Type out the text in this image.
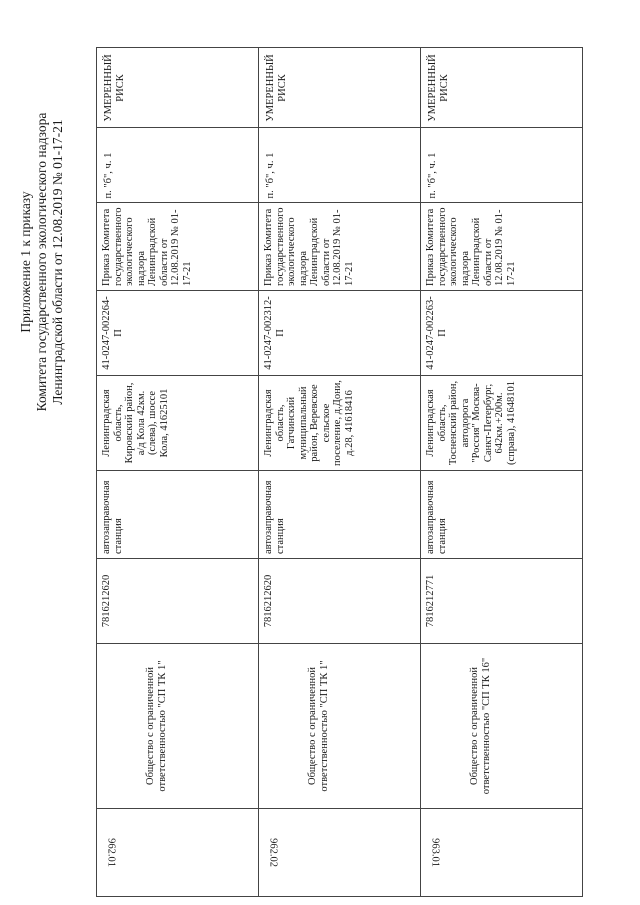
Приложение 1 к приказу Комитета государственного экологического надзора Ленинградской области от 12.08.2019 № 01-17-21
962.01	Общество с ограниченной ответственностью "СП ТК 1"	7816212620	автозаправочная станция	Ленинградская область, Кировский район, а/д Кола 42км.(слева), шоссе Кола, 41625101	41-0247-002264-П	Приказ Комитета государственного экологического надзора Ленинградской области от 12.08.2019 № 01-17-21	п. "б", ч. 1	УМЕРЕННЫЙ РИСК
962.02	Общество с ограниченной ответственностью "СП ТК 1"	7816212620	автозаправочная станция	Ленинградская область, Гатчинский муниципальный район, Веревское сельское поселение, д.Дони, д.28, 41618416	41-0247-002312-П	Приказ Комитета государственного экологического надзора Ленинградской области от 12.08.2019 № 01-17-21	п. "б", ч. 1	УМЕРЕННЫЙ РИСК
963.01	Общество с ограниченной ответственностью "СП ТК 16"	7816212771	автозаправочная станция	Ленинградская область, Тосненский район, автодорога "Россия" Москва-Санкт-Петербург, 642км.+200м. (справа), 41648101	41-0247-002263-П	Приказ Комитета государственного экологического надзора Ленинградской области от 12.08.2019 № 01-17-21	п. "б", ч. 1	УМЕРЕННЫЙ РИСК
